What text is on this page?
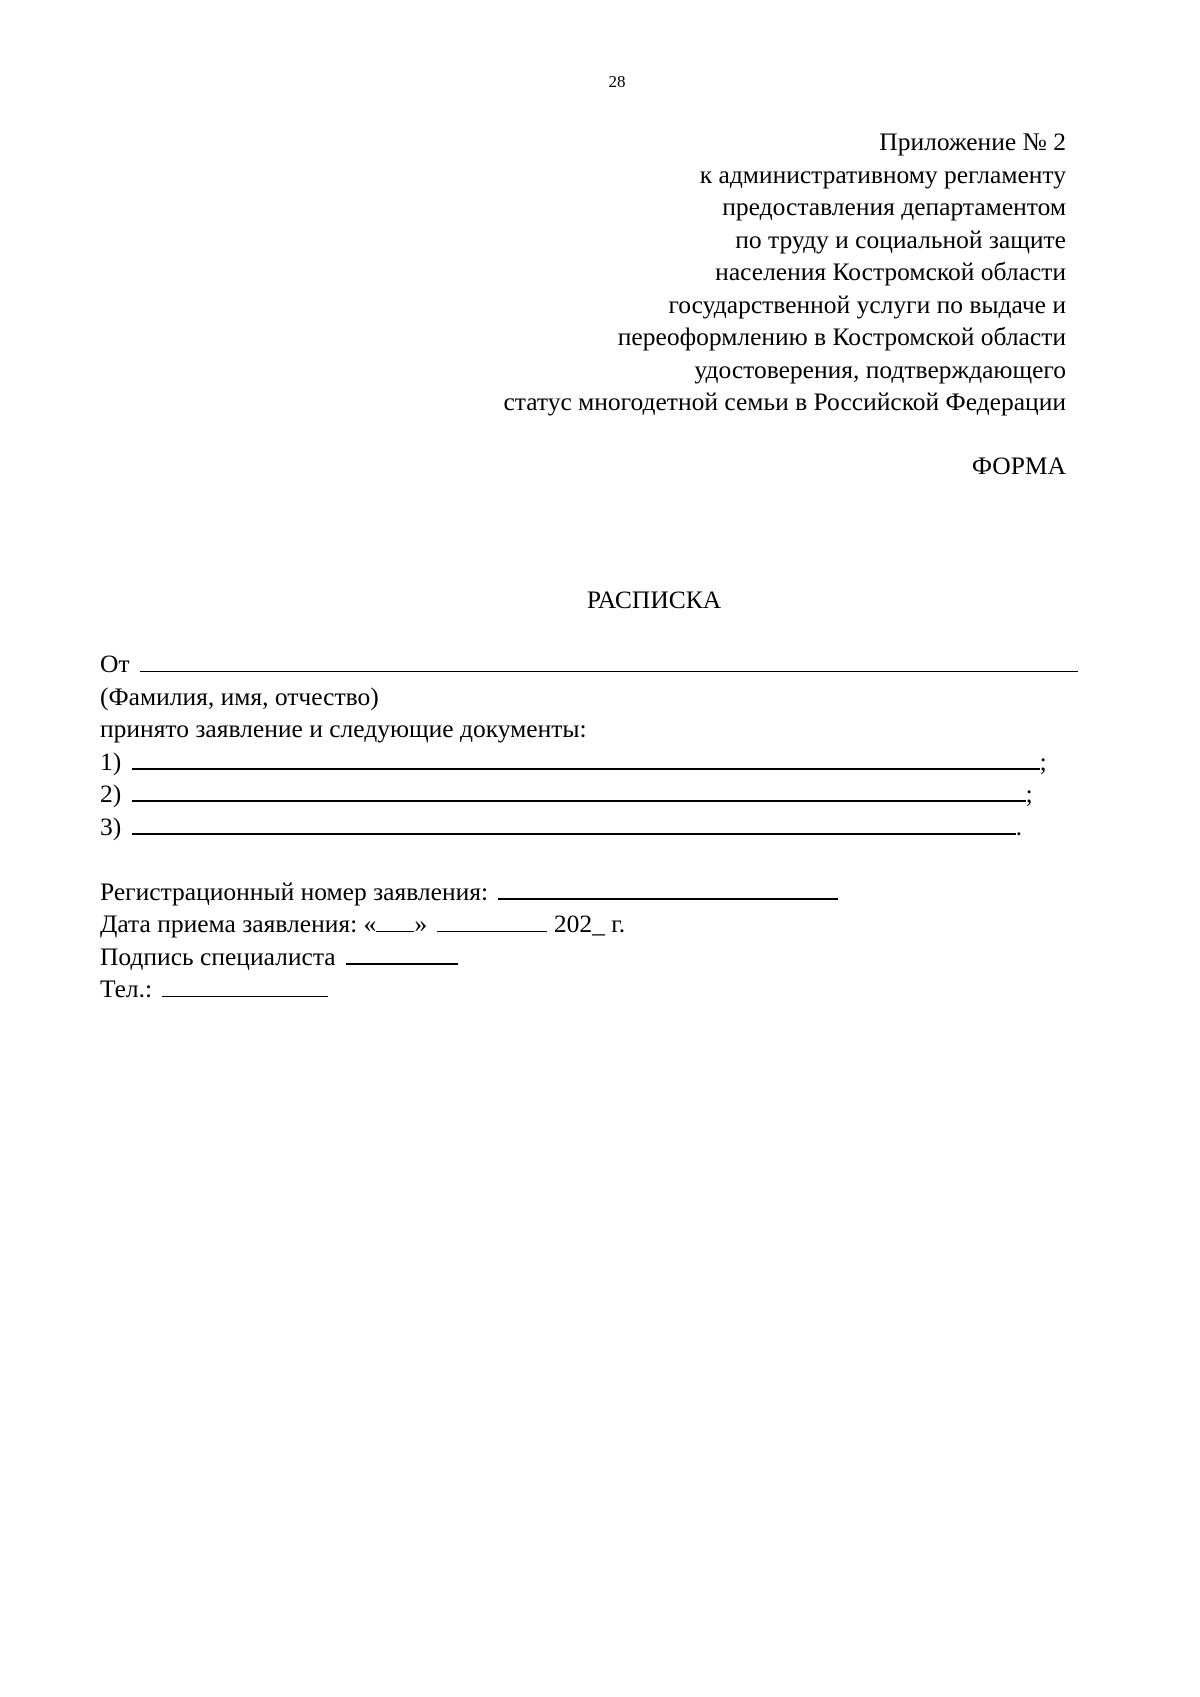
28
Приложение № 2
к административному регламенту
предоставления департаментом
по труду и социальной защите
населения Костромской области
государственной услуги по выдаче и
переоформлению в Костромской области
удостоверения, подтверждающего
статус многодетной семьи в Российской Федерации
ФОРМА
РАСПИСКА
От
(Фамилия, имя, отчество)
принято заявление и следующие документы:
1)	;
2)	;
3)	.
Регистрационный номер заявления:
Дата приема заявления: « »	202_ г.
Подпись специалиста
Тел.:
